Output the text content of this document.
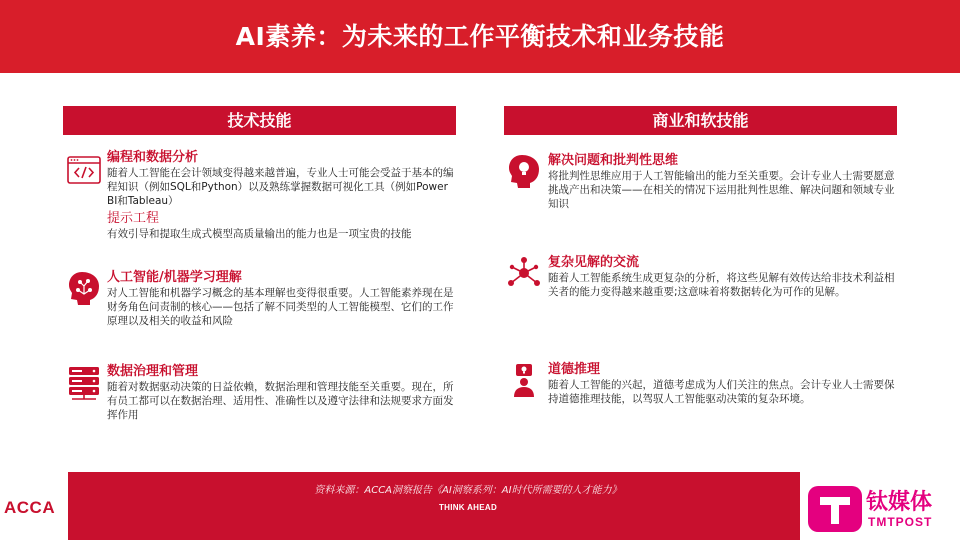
AI素养：为未来的工作平衡技术和业务技能
技术技能	商业和软技能
编程和数据分析
随着人工智能在会计领域变得越来越普遍，专业人士可能会受益于基本的编程知识（例如SQL和Python）以及熟练掌握数据可视化工具（例如Power BI和Tableau）
提示工程
有效引导和提取生成式模型高质量输出的能力也是一项宝贵的技能
人工智能/机器学习理解
对人工智能和机器学习概念的基本理解也变得很重要。人工智能素养现在是财务角色问责制的核心——包括了解不同类型的人工智能模型、它们的工作原理以及相关的收益和风险
数据治理和管理
随着对数据驱动决策的日益依赖，数据治理和管理技能至关重要。现在，所有员工都可以在数据治理、适用性、准确性以及遵守法律和法规要求方面发挥作用
解决问题和批判性思维
将批判性思维应用于人工智能输出的能力至关重要。会计专业人士需要愿意挑战产出和决策——在相关的情况下运用批判性思维、解决问题和领域专业知识
复杂见解的交流
随着人工智能系统生成更复杂的分析，将这些见解有效传达给非技术利益相关者的能力变得越来越重要;这意味着将数据转化为可作的见解。
道德推理
随着人工智能的兴起，道德考虑成为人们关注的焦点。会计专业人士需要保持道德推理技能，以驾驭人工智能驱动决策的复杂环境。
ACCA
资料来源：ACCA洞察报告《AI洞察系列：AI时代所需要的人才能力》
THINK AHEAD	钛媒体
TMTPOST
